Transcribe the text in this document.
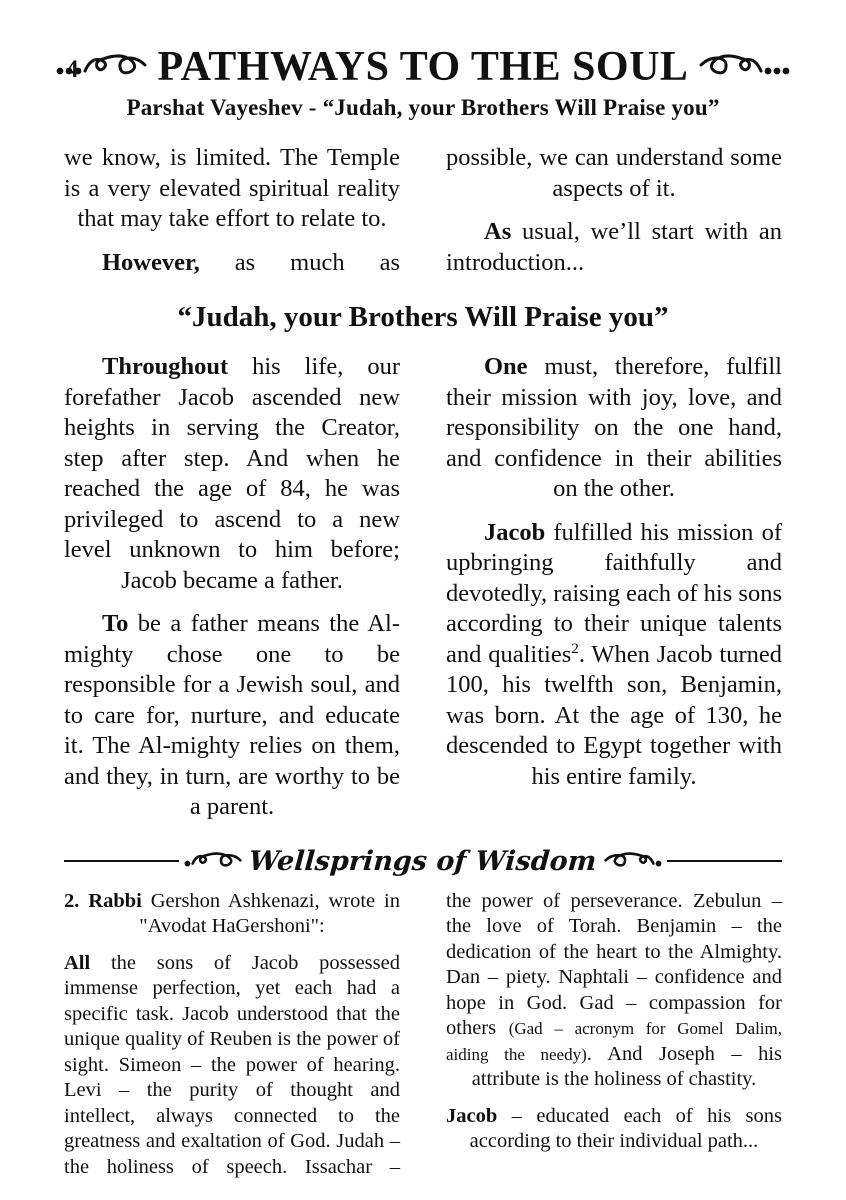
4 PATHWAYS TO THE SOUL
Parshat Vayeshev - “Judah, your Brothers Will Praise you”

we know, is limited. The Temple is a very elevated spiritual reality that may take effort to relate to.

However, as much as

possible, we can understand some aspects of it.

As usual, we’ll start with an introduction...

“Judah, your Brothers Will Praise you”

Throughout his life, our forefather Jacob ascended new heights in serving the Creator, step after step. And when he reached the age of 84, he was privileged to ascend to a new level unknown to him before; Jacob became a father.

To be a father means the Al-mighty chose one to be responsible for a Jewish soul, and to care for, nurture, and educate it. The Al-mighty relies on them, and they, in turn, are worthy to be a parent.

One must, therefore, fulfill their mission with joy, love, and responsibility on the one hand, and confidence in their abilities on the other.

Jacob fulfilled his mission of upbringing faithfully and devotedly, raising each of his sons according to their unique talents and qualities$^2$. When Jacob turned 100, his twelfth son, Benjamin, was born. At the age of 130, he descended to Egypt together with his entire family.

Wellsprings of Wisdom

2. Rabbi Gershon Ashkenazi, wrote in "Avodat HaGershoni":

All the sons of Jacob possessed immense perfection, yet each had a specific task. Jacob understood that the unique quality of Reuben is the power of sight. Simeon – the power of hearing. Levi – the purity of thought and intellect, always connected to the greatness and exaltation of God. Judah – the holiness of speech. Issachar –

the power of perseverance. Zebulun – the love of Torah. Benjamin – the dedication of the heart to the Almighty. Dan – piety. Naphtali – confidence and hope in God. Gad – compassion for others (Gad – acronym for Gomel Dalim, aiding the needy). And Joseph – his attribute is the holiness of chastity.

Jacob – educated each of his sons according to their individual path...
